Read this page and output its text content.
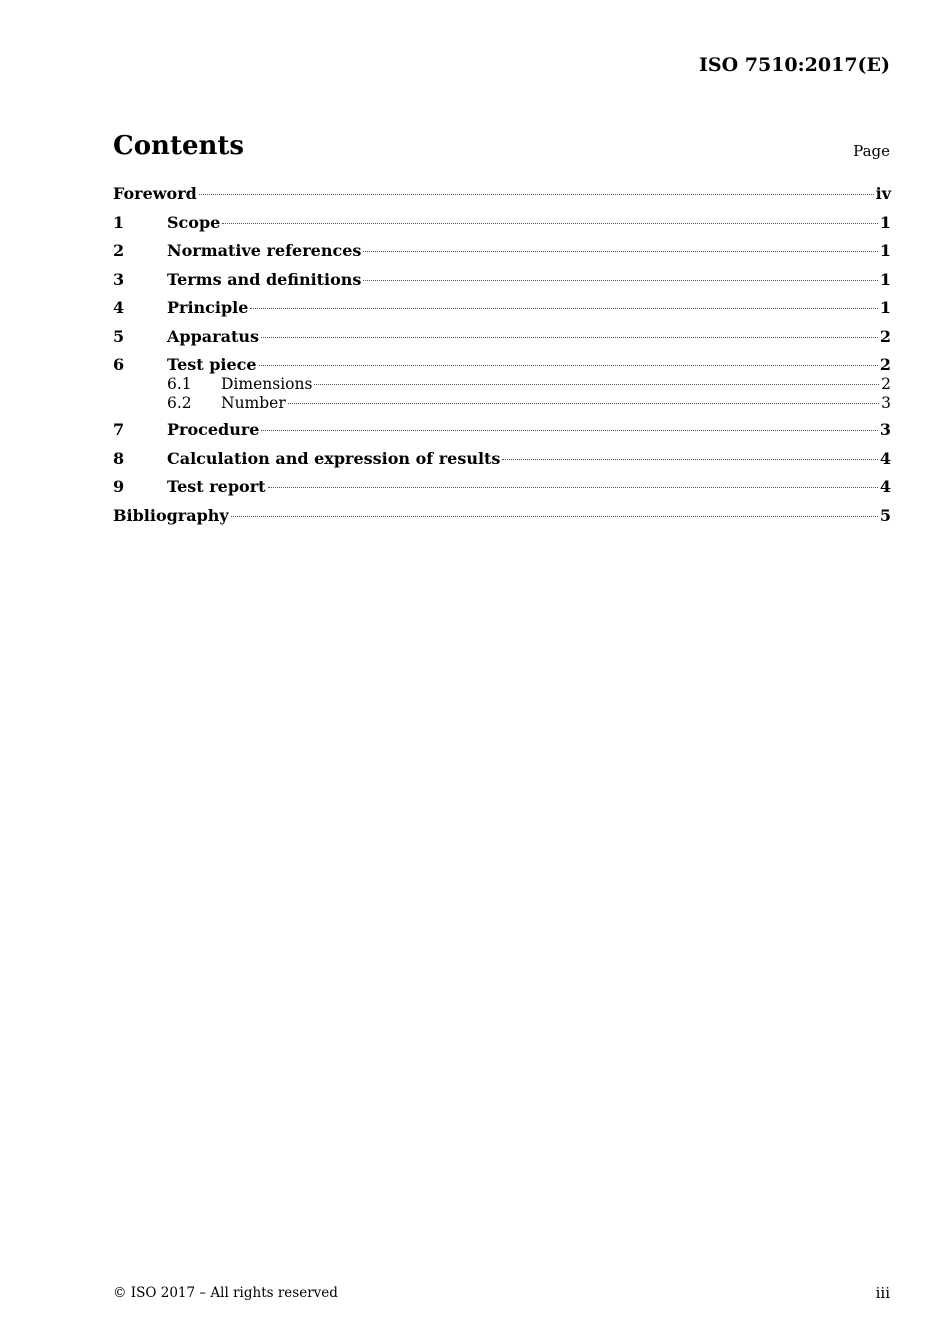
ISO 7510:2017(E)
Contents	Page
Foreword	iv
1	Scope	1
2	Normative references	1
3	Terms and definitions	1
4	Principle	1
5	Apparatus	2
6	Test piece	2
6.1	Dimensions	2
6.2	Number	3
7	Procedure	3
8	Calculation and expression of results	4
9	Test report	4
Bibliography	5
© ISO 2017 – All rights reserved	iii
